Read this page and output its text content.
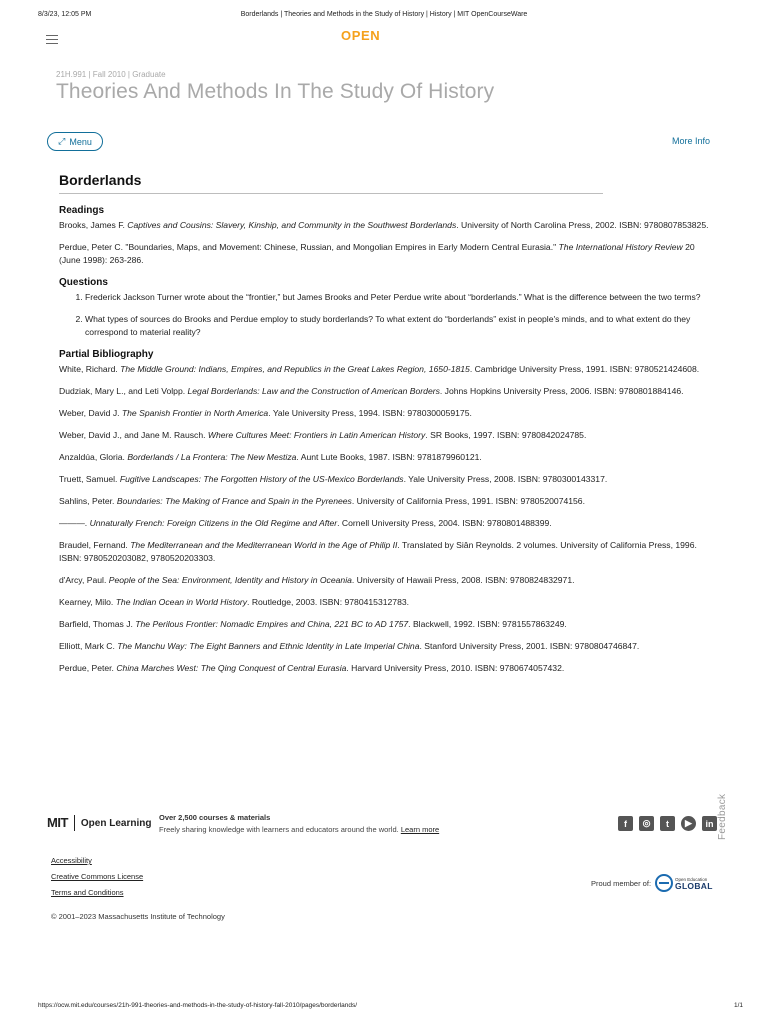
8/3/23, 12:05 PM	Borderlands | Theories and Methods in the Study of History | History | MIT OpenCourseWare
OPEN
21H.991 | Fall 2010 | Graduate
Theories And Methods In The Study Of History
⤢ Menu	More Info
Borderlands
Readings

Brooks, James F. Captives and Cousins: Slavery, Kinship, and Community in the Southwest Borderlands. University of North Carolina Press, 2002. ISBN: 9780807853825.

Perdue, Peter C. "Boundaries, Maps, and Movement: Chinese, Russian, and Mongolian Empires in Early Modern Central Eurasia." The International History Review 20 (June 1998): 263-286.

Questions
1. Frederick Jackson Turner wrote about the “frontier,” but James Brooks and Peter Perdue write about “borderlands.” What is the difference between the two terms?
2. What types of sources do Brooks and Perdue employ to study borderlands? To what extent do “borderlands” exist in people's minds, and to what extent do they correspond to material reality?
Partial Bibliography

White, Richard. The Middle Ground: Indians, Empires, and Republics in the Great Lakes Region, 1650-1815. Cambridge University Press, 1991. ISBN: 9780521424608.

Dudziak, Mary L., and Leti Volpp. Legal Borderlands: Law and the Construction of American Borders. Johns Hopkins University Press, 2006. ISBN: 9780801884146.

Weber, David J. The Spanish Frontier in North America. Yale University Press, 1994. ISBN: 9780300059175.

Weber, David J., and Jane M. Rausch. Where Cultures Meet: Frontiers in Latin American History. SR Books, 1997. ISBN: 9780842024785.

Anzaldúa, Gloria. Borderlands / La Frontera: The New Mestiza. Aunt Lute Books, 1987. ISBN: 9781879960121.

Truett, Samuel. Fugitive Landscapes: The Forgotten History of the US-Mexico Borderlands. Yale University Press, 2008. ISBN: 9780300143317.

Sahlins, Peter. Boundaries: The Making of France and Spain in the Pyrenees. University of California Press, 1991. ISBN: 9780520074156.

———. Unnaturally French: Foreign Citizens in the Old Regime and After. Cornell University Press, 2004. ISBN: 9780801488399.

Braudel, Fernand. The Mediterranean and the Mediterranean World in the Age of Philip II. Translated by Siân Reynolds. 2 volumes. University of California Press, 1996. ISBN: 9780520203082, 9780520203303.

d'Arcy, Paul. People of the Sea: Environment, Identity and History in Oceania. University of Hawaii Press, 2008. ISBN: 9780824832971.

Kearney, Milo. The Indian Ocean in World History. Routledge, 2003. ISBN: 9780415312783.

Barfield, Thomas J. The Perilous Frontier: Nomadic Empires and China, 221 BC to AD 1757. Blackwell, 1992. ISBN: 9781557863249.

Elliott, Mark C. The Manchu Way: The Eight Banners and Ethnic Identity in Late Imperial China. Stanford University Press, 2001. ISBN: 9780804746847.

Perdue, Peter. China Marches West: The Qing Conquest of Central Eurasia. Harvard University Press, 2010. ISBN: 9780674057432.

MIT	Open Learning Over 2,500 courses & materials
Freely sharing knowledge with learners and educators around the world. Learn more
f	◎	t	▶	in Feedback
Accessibility
Creative Commons License
Terms and Conditions
Proud member of:	Open Education
GLOBAL
© 2001–2023 Massachusetts Institute of Technology
https://ocw.mit.edu/courses/21h-991-theories-and-methods-in-the-study-of-history-fall-2010/pages/borderlands/	1/1
